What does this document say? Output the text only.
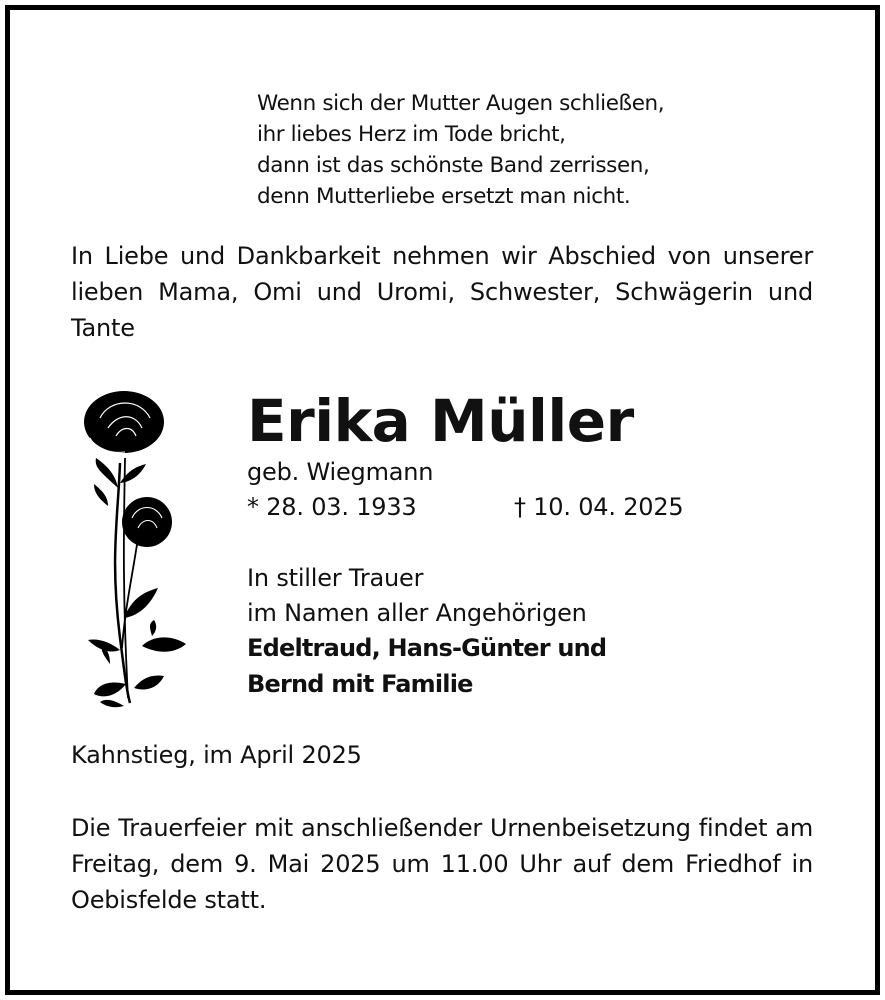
Wenn sich der Mutter Augen schließen,
ihr liebes Herz im Tode bricht,
dann ist das schönste Band zerrissen,
denn Mutterliebe ersetzt man nicht.
In Liebe und Dankbarkeit nehmen wir Abschied von unserer lieben Mama, Omi und Uromi, Schwester, Schwägerin und Tante
Erika Müller
geb. Wiegmann
* 28. 03. 1933	† 10. 04. 2025
In stiller Trauer
im Namen aller Angehörigen
Edeltraud, Hans-Günter und
Bernd mit Familie
Kahnstieg, im April 2025
Die Trauerfeier mit anschließender Urnenbeisetzung findet am Freitag, dem 9. Mai 2025 um 11.00 Uhr auf dem Friedhof in Oebisfelde statt.
